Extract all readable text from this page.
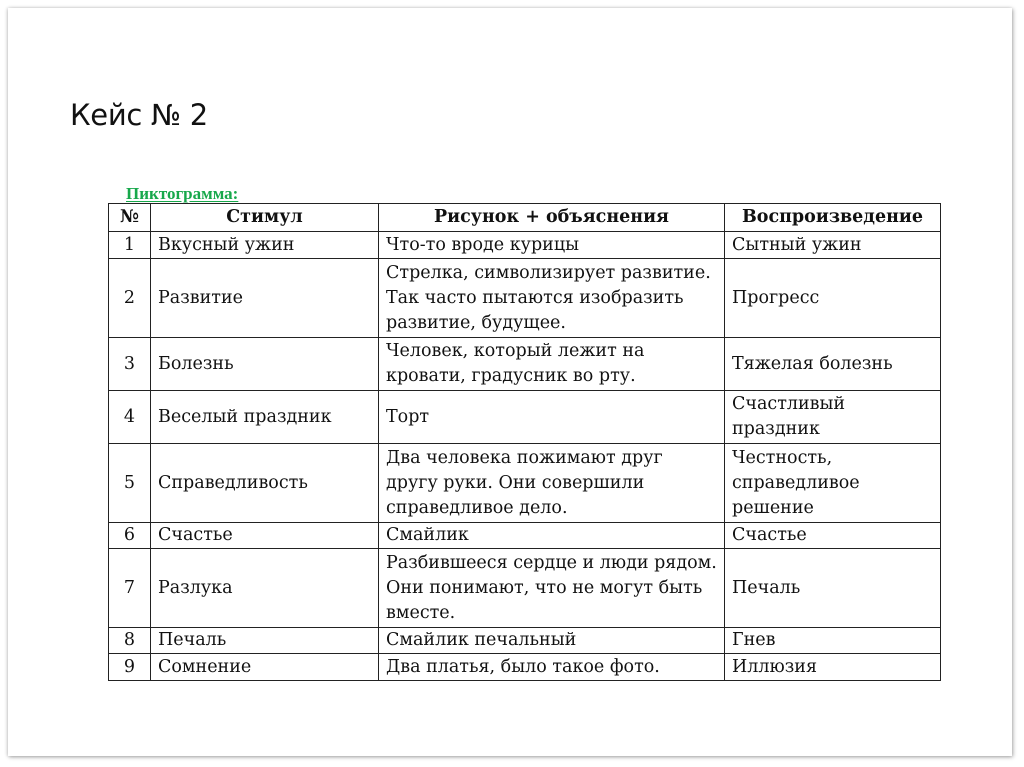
Кейс № 2
Пиктограмма:
№	Стимул	Рисунок + объяснения	Воспроизведение
1	Вкусный ужин	Что-то вроде курицы	Сытный ужин
2	Развитие	Стрелка, символизирует развитие. Так часто пытаются изобразить развитие, будущее.	Прогресс
3	Болезнь	Человек, который лежит на кровати, градусник во рту.	Тяжелая болезнь
4	Веселый праздник	Торт	Счастливый праздник
5	Справедливость	Два человека пожимают друг другу руки. Они совершили справедливое дело.	Честность, справедливое решение
6	Счастье	Смайлик	Счастье
7	Разлука	Разбившееся сердце и люди рядом. Они понимают, что не могут быть вместе.	Печаль
8	Печаль	Смайлик печальный	Гнев
9	Сомнение	Два платья, было такое фото.	Иллюзия
